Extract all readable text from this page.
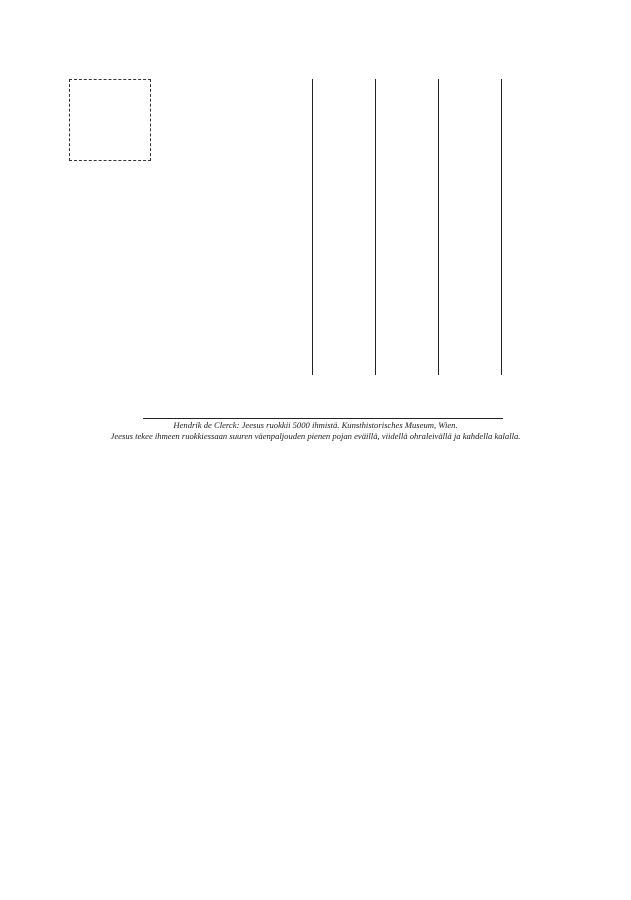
Hendrik de Clerck: Jeesus ruokkii 5000 ihmistä. Kunsthistorisches Museum, Wien.
Jeesus tekee ihmeen ruokkiessaan suuren väenpaljouden pienen pojan eväillä, viidellä ohraleivällä ja kahdella kalalla.
